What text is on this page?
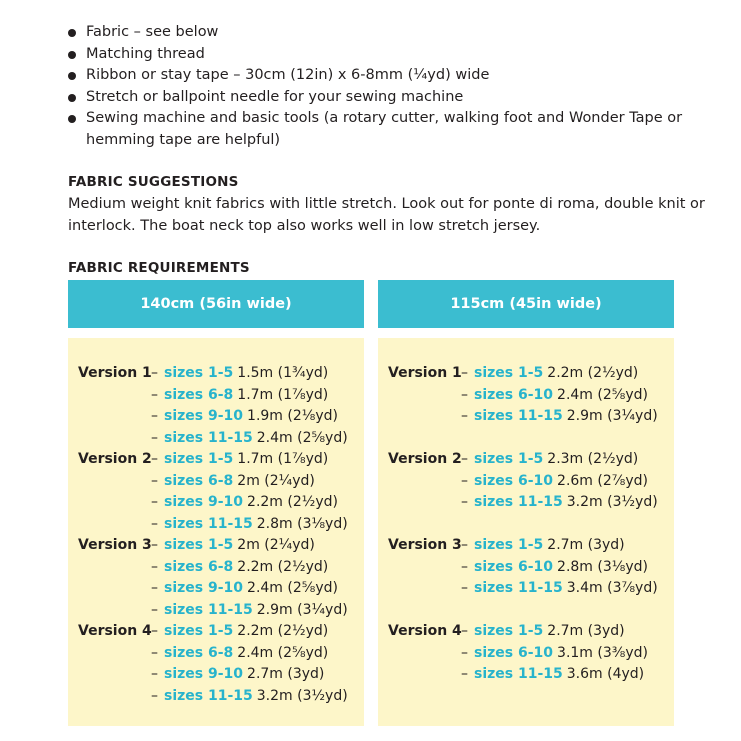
Fabric – see below
Matching thread
Ribbon or stay tape – 30cm (12in) x 6-8mm (¼yd) wide
Stretch or ballpoint needle for your sewing machine
Sewing machine and basic tools (a rotary cutter, walking foot and Wonder Tape or hemming tape are helpful)
FABRIC SUGGESTIONS
Medium weight knit fabrics with little stretch. Look out for ponte di roma, double knit or interlock. The boat neck top also works well in low stretch jersey.
FABRIC REQUIREMENTS
140cm (56in wide)
Version 1 – sizes 1-5 1.5m (1¾yd)
– sizes 6-8 1.7m (1⅞yd)
– sizes 9-10 1.9m (2⅛yd)
– sizes 11-15 2.4m (2⅝yd)
Version 2 – sizes 1-5 1.7m (1⅞yd)
– sizes 6-8 2m (2¼yd)
– sizes 9-10 2.2m (2½yd)
– sizes 11-15 2.8m (3⅛yd)
Version 3 – sizes 1-5 2m (2¼yd)
– sizes 6-8 2.2m (2½yd)
– sizes 9-10 2.4m (2⅝yd)
– sizes 11-15 2.9m (3¼yd)
Version 4 – sizes 1-5 2.2m (2½yd)
– sizes 6-8 2.4m (2⅝yd)
– sizes 9-10 2.7m (3yd)
– sizes 11-15 3.2m (3½yd)
115cm (45in wide)
Version 1 – sizes 1-5 2.2m (2½yd)
– sizes 6-10 2.4m (2⅝yd)
– sizes 11-15 2.9m (3¼yd)
Version 2 – sizes 1-5 2.3m (2½yd)
– sizes 6-10 2.6m (2⅞yd)
– sizes 11-15 3.2m (3½yd)
Version 3 – sizes 1-5 2.7m (3yd)
– sizes 6-10 2.8m (3⅛yd)
– sizes 11-15 3.4m (3⅞yd)
Version 4 – sizes 1-5 2.7m (3yd)
– sizes 6-10 3.1m (3⅜yd)
– sizes 11-15 3.6m (4yd)
